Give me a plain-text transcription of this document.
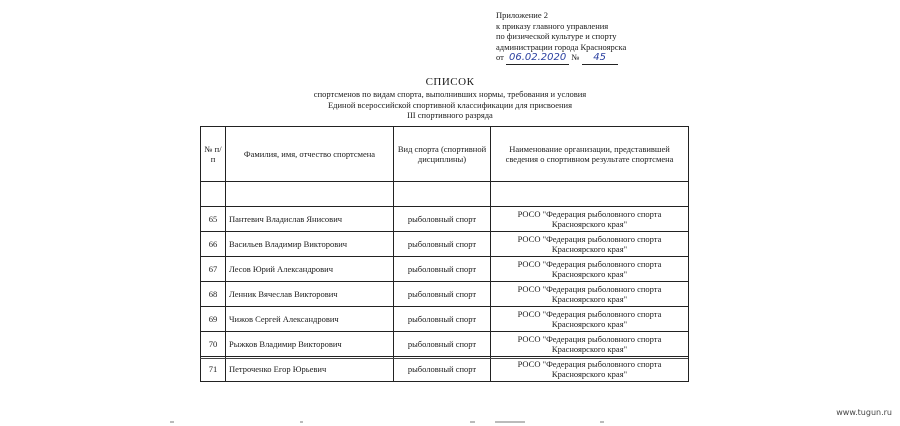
Приложение 2
к приказу главного управления
по физической культуре и спорту
администрации города Красноярска
от 06.02.2020 № 45
СПИСОК
спортсменов по видам спорта, выполнивших нормы, требования и условия
Единой всероссийской спортивной классификации для присвоения
III спортивного разряда
№ п/п	Фамилия, имя, отчество спортсмена	Вид спорта (спортивной дисциплины)	Наименование организации, представившей сведения о спортивном результате спортсмена

65	Пантевич Владислав Янисович	рыболовный спорт	РОСО "Федерация рыболовного спорта Красноярского края"
66	Васильев Владимир Викторович	рыболовный спорт	РОСО "Федерация рыболовного спорта Красноярского края"
67	Лесов Юрий Александрович	рыболовный спорт	РОСО "Федерация рыболовного спорта Красноярского края"
68	Ленник Вячеслав Викторович	рыболовный спорт	РОСО "Федерация рыболовного спорта Красноярского края"
69	Чижов Сергей Александрович	рыболовный спорт	РОСО "Федерация рыболовного спорта Красноярского края"
70	Рыжков Владимир Викторович	рыболовный спорт	РОСО "Федерация рыболовного спорта Красноярского края"
71	Петроченко Егор Юрьевич	рыболовный спорт	РОСО "Федерация рыболовного спорта Красноярского края"
www.tugun.ru
